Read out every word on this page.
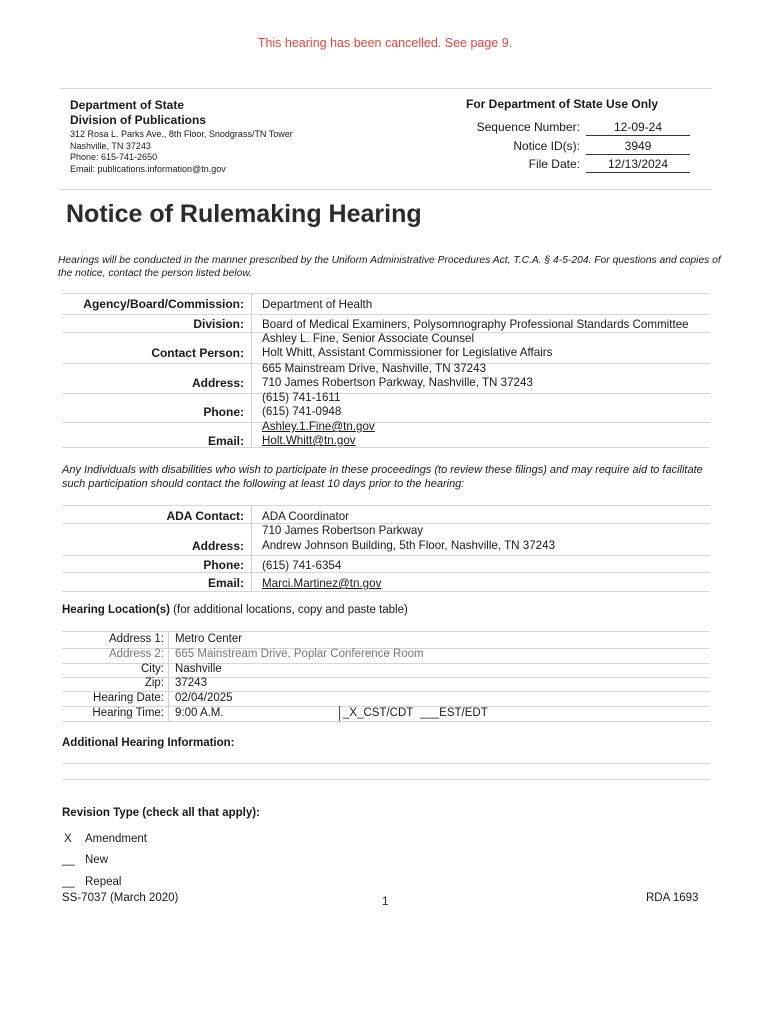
This hearing has been cancelled. See page 9.
Department of State
Division of Publications
312 Rosa L. Parks Ave., 8th Floor, Snodgrass/TN Tower
Nashville, TN 37243
Phone: 615-741-2650
Email: publications.information@tn.gov
For Department of State Use Only
Sequence Number:	12-09-24
Notice ID(s):	3949
File Date:	12/13/2024
Notice of Rulemaking Hearing
Hearings will be conducted in the manner prescribed by the Uniform Administrative Procedures Act, T.C.A. § 4-5-204. For questions and copies of the notice, contact the person listed below.
Agency/Board/Commission: Department of Health
Division: Board of Medical Examiners, Polysomnography Professional Standards Committee
Contact Person:
Ashley L. Fine, Senior Associate Counsel
Holt Whitt, Assistant Commissioner for Legislative Affairs
Address:
665 Mainstream Drive, Nashville, TN 37243
710 James Robertson Parkway, Nashville, TN 37243
Phone:
(615) 741-1611
(615) 741-0948
Email:
Ashley.1.Fine@tn.gov
Holt.Whitt@tn.gov
Any Individuals with disabilities who wish to participate in these proceedings (to review these filings) and may require aid to facilitate such participation should contact the following at least 10 days prior to the hearing:
ADA Contact: ADA Coordinator
Address:
710 James Robertson Parkway
Andrew Johnson Building, 5th Floor, Nashville, TN 37243
Phone: (615) 741-6354
Email: Marci.Martinez@tn.gov
Hearing Location(s) (for additional locations, copy and paste table)
Address 1: Metro Center
Address 2: 665 Mainstream Drive, Poplar Conference Room
City: Nashville
Zip: 37243
Hearing Date: 02/04/2025
Hearing Time: 9:00 A.M.	_X_CST/CDT ___EST/EDT
Additional Hearing Information:
Revision Type (check all that apply):
X Amendment
__ New
__ Repeal
SS-7037 (March 2020)	1	RDA 1693
